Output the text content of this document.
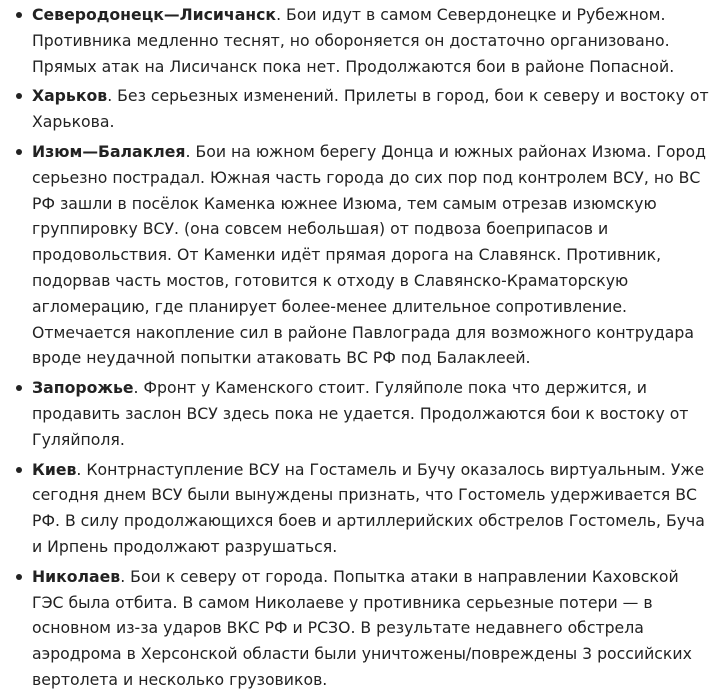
Северодонецк—Лисичанск. Бои идут в самом Севердонецке и Рубежном. Противника медленно теснят, но обороняется он достаточно организовано. Прямых атак на Лисичанск пока нет. Продолжаются бои в районе Попасной.
Харьков. Без серьезных изменений. Прилеты в город, бои к северу и востоку от Харькова.
Изюм—Балаклея. Бои на южном берегу Донца и южных районах Изюма. Город серьезно пострадал. Южная часть города до сих пор под контролем ВСУ, но ВС РФ зашли в посёлок Каменка южнее Изюма, тем самым отрезав изюмскую группировку ВСУ. (она совсем небольшая) от подвоза боеприпасов и продовольствия. От Каменки идёт прямая дорога на Славянск. Противник, подорвав часть мостов, готовится к отходу в Славянско-Краматорскую агломерацию, где планирует более-менее длительное сопротивление. Отмечается накопление сил в районе Павлограда для возможного контрудара вроде неудачной попытки атаковать ВС РФ под Балаклеей.
Запорожье. Фронт у Каменского стоит. Гуляйполе пока что держится, и продавить заслон ВСУ здесь пока не удается. Продолжаются бои к востоку от Гуляйполя.
Киев. Контрнаступление ВСУ на Гостамель и Бучу оказалось виртуальным. Уже сегодня днем ВСУ были вынуждены признать, что Гостомель удерживается ВС РФ. В силу продолжающихся боев и артиллерийских обстрелов Гостомель, Буча и Ирпень продолжают разрушаться.
Николаев. Бои к северу от города. Попытка атаки в направлении Каховской ГЭС была отбита. В самом Николаеве у противника серьезные потери — в основном из-за ударов ВКС РФ и РСЗО. В результате недавнего обстрела аэродрома в Херсонской области были уничтожены/повреждены 3 российских вертолета и несколько грузовиков.
